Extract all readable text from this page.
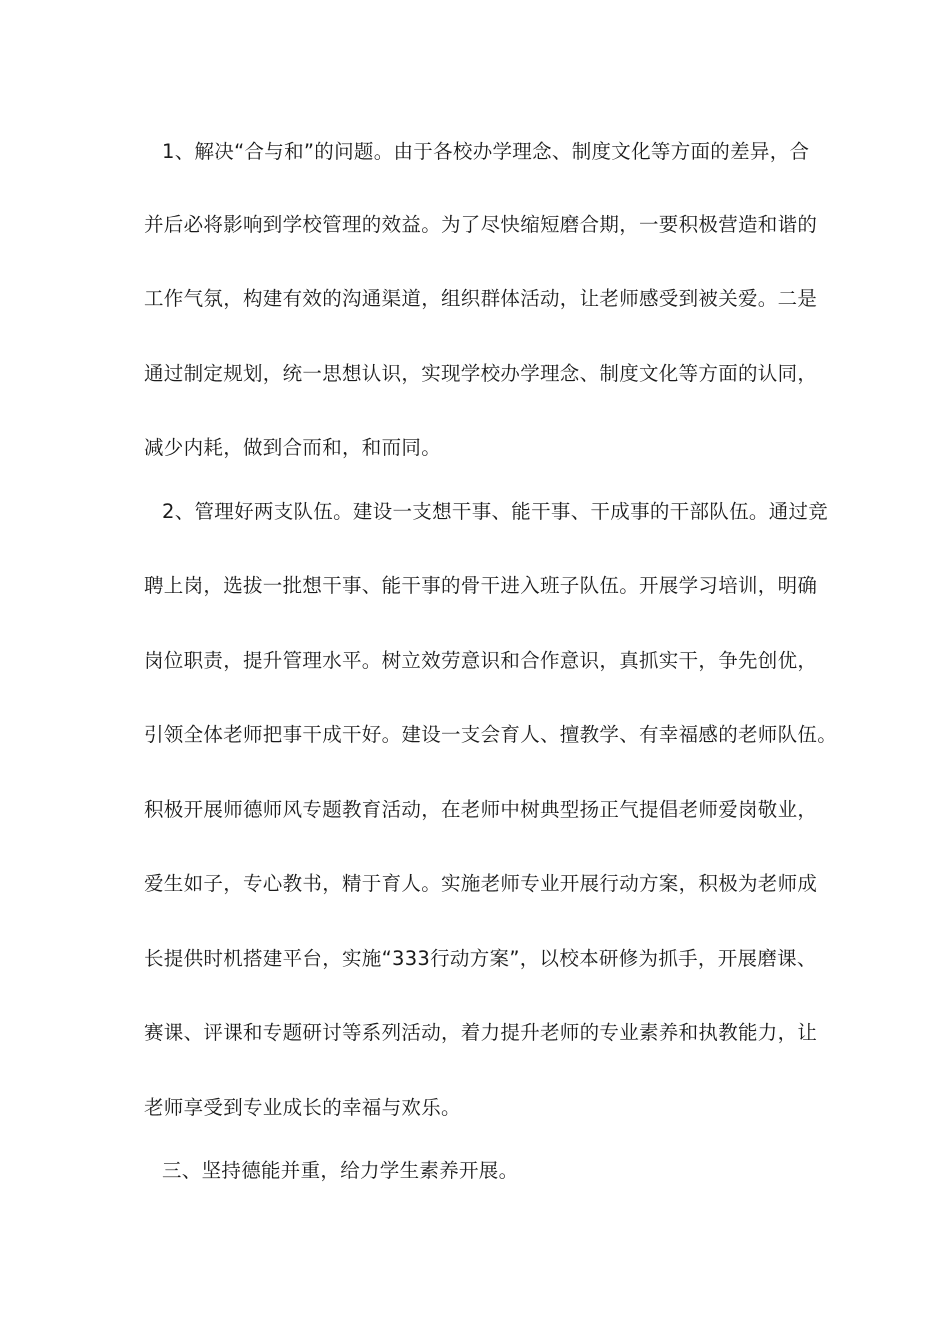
1、解决“合与和”的问题。由于各校办学理念、制度文化等方面的差异，合
并后必将影响到学校管理的效益。为了尽快缩短磨合期，一要积极营造和谐的
工作气氛，构建有效的沟通渠道，组织群体活动，让老师感受到被关爱。二是
通过制定规划，统一思想认识，实现学校办学理念、制度文化等方面的认同，
减少内耗，做到合而和，和而同。
2、管理好两支队伍。建设一支想干事、能干事、干成事的干部队伍。通过竞
聘上岗，选拔一批想干事、能干事的骨干进入班子队伍。开展学习培训，明确
岗位职责，提升管理水平。树立效劳意识和合作意识，真抓实干，争先创优，
引领全体老师把事干成干好。建设一支会育人、擅教学、有幸福感的老师队伍。
积极开展师德师风专题教育活动，在老师中树典型扬正气提倡老师爱岗敬业，
爱生如子，专心教书，精于育人。实施老师专业开展行动方案，积极为老师成
长提供时机搭建平台，实施“333行动方案”，以校本研修为抓手，开展磨课、
赛课、评课和专题研讨等系列活动，着力提升老师的专业素养和执教能力，让
老师享受到专业成长的幸福与欢乐。
三、坚持德能并重，给力学生素养开展。
